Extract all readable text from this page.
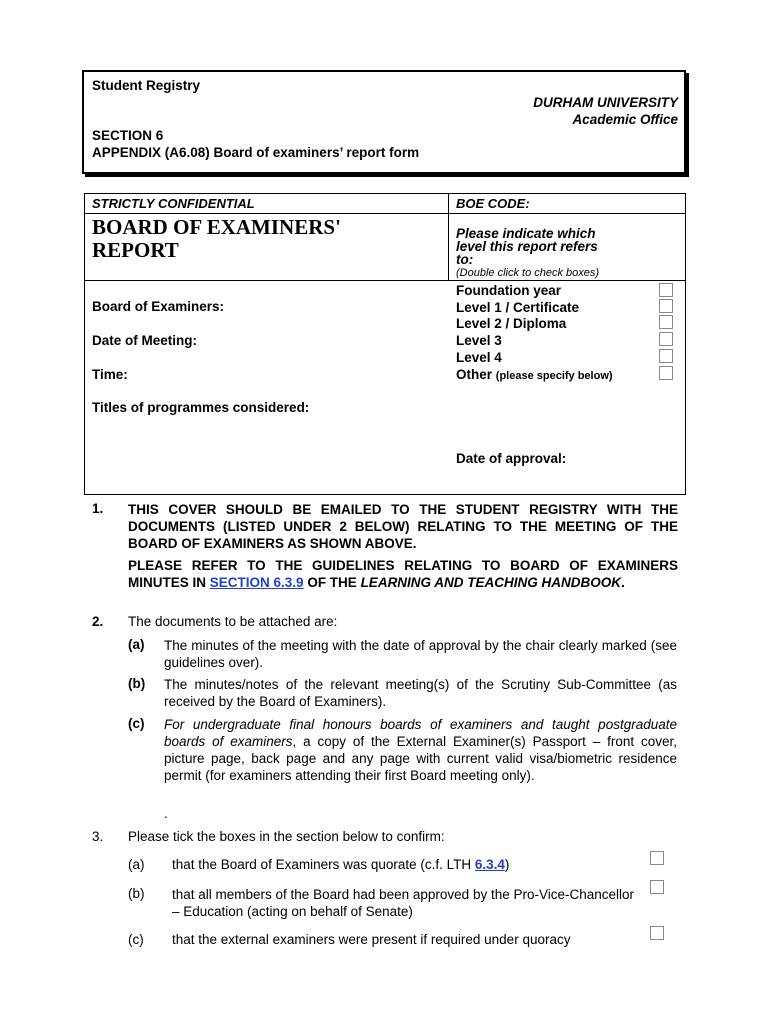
Student Registry
DURHAM UNIVERSITY
Academic Office
SECTION 6
APPENDIX (A6.08) Board of examiners’ report form
STRICTLY CONFIDENTIAL	BOE CODE:
BOARD OF EXAMINERS'
REPORT
Please indicate which
level this report refers
to:
(Double click to check boxes)
Board of Examiners:
Date of Meeting:
Time:
Titles of programmes considered:
Date of approval:
Foundation year
Level 1 / Certificate
Level 2 / Diploma
Level 3
Level 4
Other (please specify below)
1. THIS COVER SHOULD BE EMAILED TO THE STUDENT REGISTRY WITH THE DOCUMENTS (LISTED UNDER 2 BELOW) RELATING TO THE MEETING OF THE BOARD OF EXAMINERS AS SHOWN ABOVE.
PLEASE REFER TO THE GUIDELINES RELATING TO BOARD OF EXAMINERS MINUTES IN SECTION 6.3.9 OF THE LEARNING AND TEACHING HANDBOOK.
2. The documents to be attached are:
(a) The minutes of the meeting with the date of approval by the chair clearly marked (see guidelines over).
(b) The minutes/notes of the relevant meeting(s) of the Scrutiny Sub-Committee (as received by the Board of Examiners).
(c) For undergraduate final honours boards of examiners and taught postgraduate boards of examiners, a copy of the External Examiner(s) Passport – front cover, picture page, back page and any page with current valid visa/biometric residence permit (for examiners attending their first Board meeting only).
.
3. Please tick the boxes in the section below to confirm:
(a) that the Board of Examiners was quorate (c.f. LTH 6.3.4)
(b) that all members of the Board had been approved by the Pro-Vice-Chancellor – Education (acting on behalf of Senate)
(c) that the external examiners were present if required under quoracy
